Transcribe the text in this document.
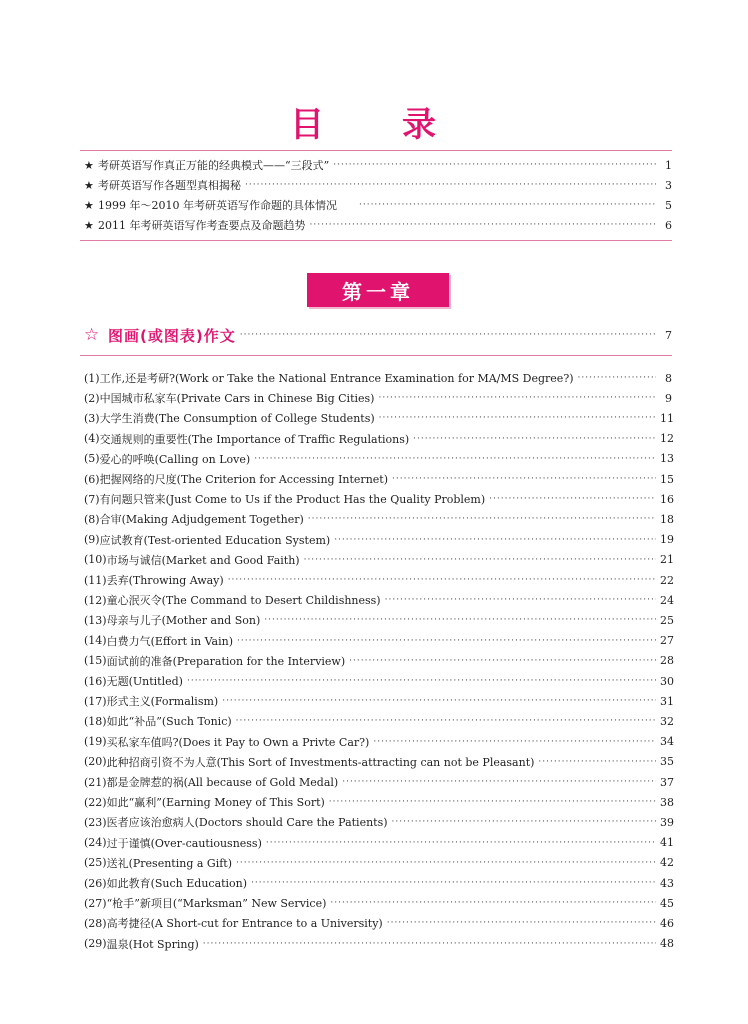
目　录
★ 考研英语写作真正万能的经典模式——“三段式” ·····	1
★ 考研英语写作各题型真相揭秘 ·····	3
★ 1999 年～2010 年考研英语写作命题的具体情况 ·····	5
★ 2011 年考研英语写作考查要点及命题趋势 ·····	6
第一章
☆ 图画(或图表)作文 ·····	7
(1) 工作,还是考研?(Work or Take the National Entrance Examination for MA/MS Degree?) ·····	8
(2) 中国城市私家车(Private Cars in Chinese Big Cities) ·····	9
(3) 大学生消费(The Consumption of College Students) ·····	11
(4) 交通规则的重要性(The Importance of Traffic Regulations) ·····	12
(5) 爱心的呼唤(Calling on Love) ·····	13
(6) 把握网络的尺度(The Criterion for Accessing Internet) ·····	15
(7) 有问题只管来(Just Come to Us if the Product Has the Quality Problem) ·····	16
(8) 合审(Making Adjudgement Together) ·····	18
(9) 应试教育(Test-oriented Education System) ·····	19
(10) 市场与诚信(Market and Good Faith) ·····	21
(11) 丢弃(Throwing Away) ·····	22
(12) 童心泯灭令(The Command to Desert Childishness) ·····	24
(13) 母亲与儿子(Mother and Son) ·····	25
(14) 白费力气(Effort in Vain) ·····	27
(15) 面试前的准备(Preparation for the Interview) ·····	28
(16) 无题(Untitled) ·····	30
(17) 形式主义(Formalism) ·····	31
(18) 如此“补品”(Such Tonic) ·····	32
(19) 买私家车值吗?(Does it Pay to Own a Privte Car?) ·····	34
(20) 此种招商引资不为人意(This Sort of Investments-attracting can not be Pleasant) ·····	35
(21) 都是金牌惹的祸(All because of Gold Medal) ·····	37
(22) 如此“赢利”(Earning Money of This Sort) ·····	38
(23) 医者应该治愈病人(Doctors should Care the Patients) ·····	39
(24) 过于谨慎(Over-cautiousness) ·····	41
(25) 送礼(Presenting a Gift) ·····	42
(26) 如此教育(Such Education) ·····	43
(27) “枪手”新项目(“Marksman” New Service) ·····	45
(28) 高考捷径(A Short-cut for Entrance to a University) ·····	46
(29) 温泉(Hot Spring) ·····	48
